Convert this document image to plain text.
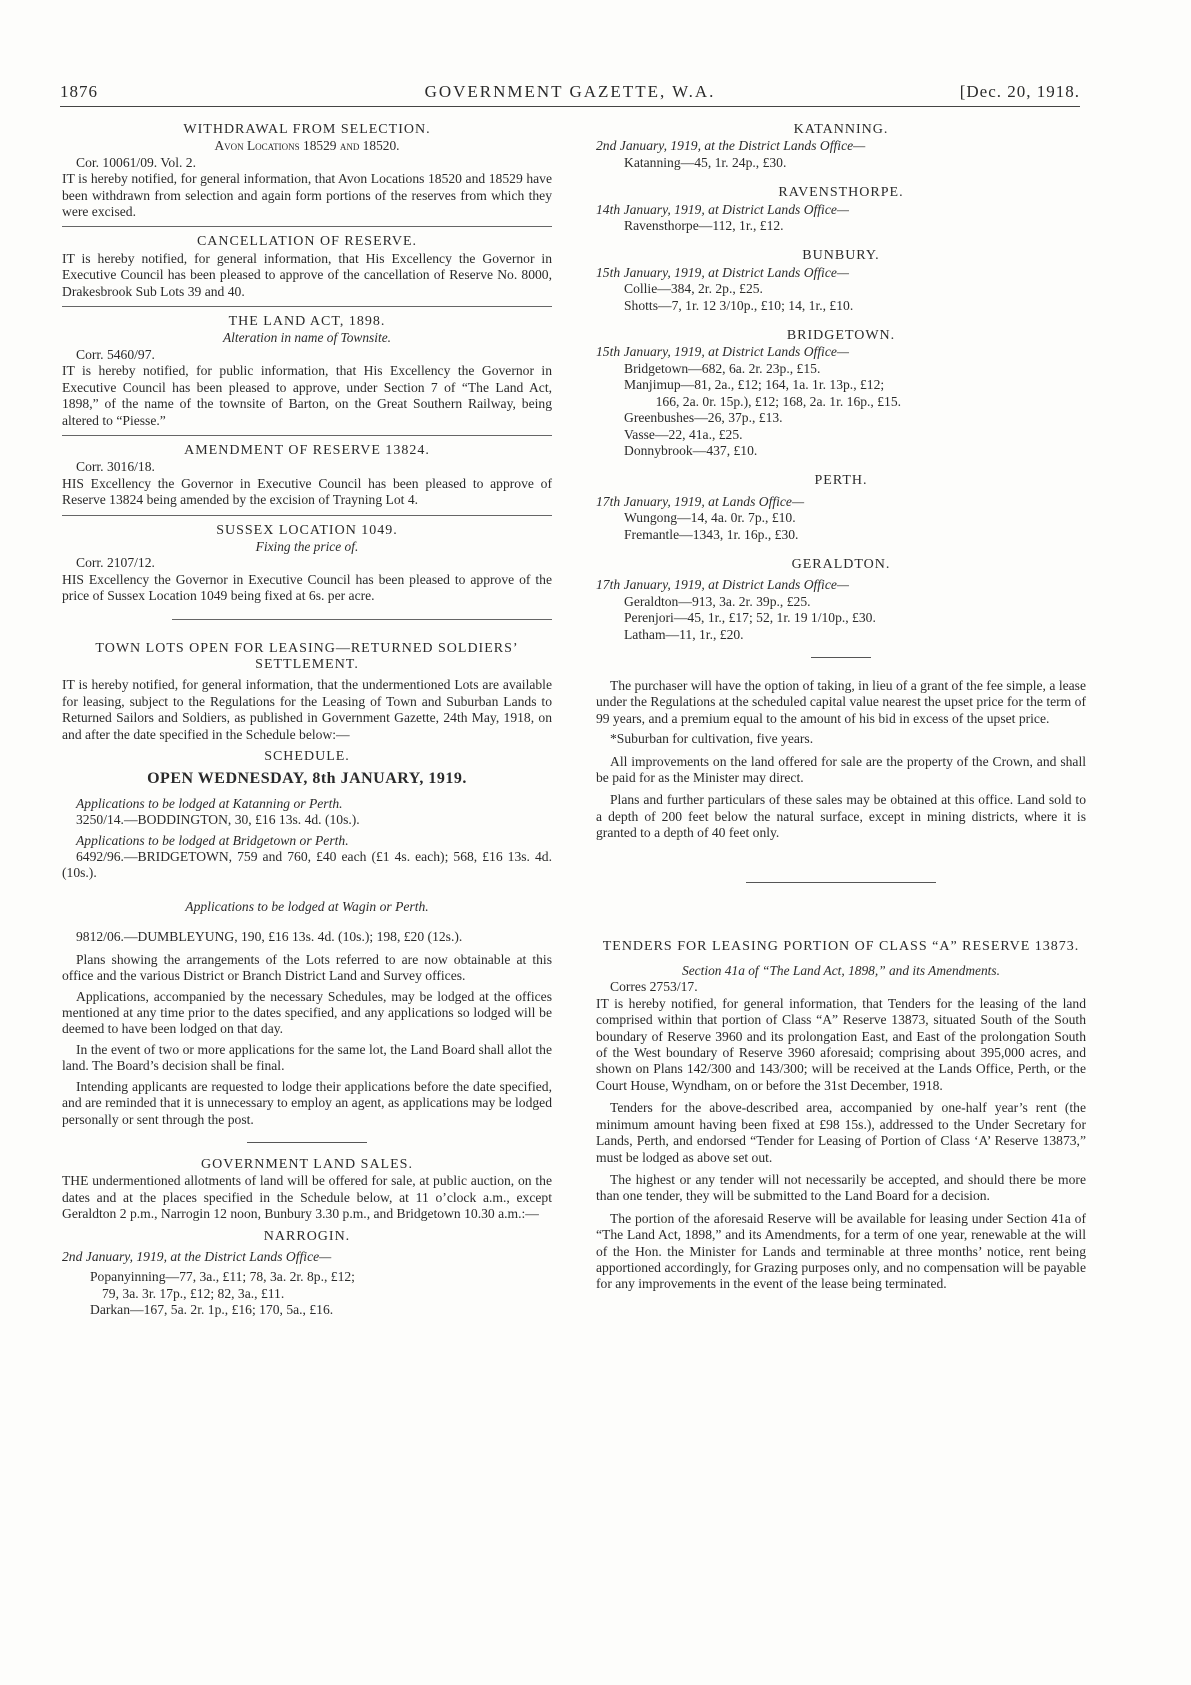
1876	GOVERNMENT GAZETTE, W.A.	[Dec. 20, 1918.

WITHDRAWAL FROM SELECTION.

Avon Locations 18529 and 18520.

Cor. 10061/09. Vol. 2.

IT is hereby notified, for general information, that Avon Locations 18520 and 18529 have been withdrawn from selection and again form portions of the reserves from which they were excised.

CANCELLATION OF RESERVE.

IT is hereby notified, for general information, that His Excellency the Governor in Executive Council has been pleased to approve of the cancellation of Reserve No. 8000, Drakesbrook Sub Lots 39 and 40.

THE LAND ACT, 1898.

Alteration in name of Townsite.

Corr. 5460/97.

IT is hereby notified, for public information, that His Excellency the Governor in Executive Council has been pleased to approve, under Section 7 of “The Land Act, 1898,” of the name of the townsite of Barton, on the Great Southern Railway, being altered to “Piesse.”

AMENDMENT OF RESERVE 13824.

Corr. 3016/18.

HIS Excellency the Governor in Executive Council has been pleased to approve of Reserve 13824 being amended by the excision of Trayning Lot 4.

SUSSEX LOCATION 1049.

Fixing the price of.

Corr. 2107/12.

HIS Excellency the Governor in Executive Council has been pleased to approve of the price of Sussex Location 1049 being fixed at 6s. per acre.

TOWN LOTS OPEN FOR LEASING—RETURNED SOLDIERS’ SETTLEMENT.

IT is hereby notified, for general information, that the undermentioned Lots are available for leasing, subject to the Regulations for the Leasing of Town and Suburban Lands to Returned Sailors and Soldiers, as published in Government Gazette, 24th May, 1918, on and after the date specified in the Schedule below:—

SCHEDULE.

OPEN WEDNESDAY, 8th JANUARY, 1919.

Applications to be lodged at Katanning or Perth.

3250/14.—BODDINGTON, 30, £16 13s. 4d. (10s.).

Applications to be lodged at Bridgetown or Perth.

6492/96.—BRIDGETOWN, 759 and 760, £40 each (£1 4s. each); 568, £16 13s. 4d. (10s.).

Applications to be lodged at Wagin or Perth.

9812/06.—DUMBLEYUNG, 190, £16 13s. 4d. (10s.); 198, £20 (12s.).

Plans showing the arrangements of the Lots referred to are now obtainable at this office and the various District or Branch District Land and Survey offices.

Applications, accompanied by the necessary Schedules, may be lodged at the offices mentioned at any time prior to the dates specified, and any applications so lodged will be deemed to have been lodged on that day.

In the event of two or more applications for the same lot, the Land Board shall allot the land. The Board’s decision shall be final.

Intending applicants are requested to lodge their applications before the date specified, and are reminded that it is unnecessary to employ an agent, as applications may be lodged personally or sent through the post.

GOVERNMENT LAND SALES.

THE undermentioned allotments of land will be offered for sale, at public auction, on the dates and at the places specified in the Schedule below, at 11 o’clock a.m., except Geraldton 2 p.m., Narrogin 12 noon, Bunbury 3.30 p.m., and Bridgetown 10.30 a.m.:—

NARROGIN.

2nd January, 1919, at the District Lands Office—

Popanyinning—77, 3a., £11; 78, 3a. 2r. 8p., £12;

79, 3a. 3r. 17p., £12; 82, 3a., £11.

Darkan—167, 5a. 2r. 1p., £16; 170, 5a., £16.

KATANNING.

2nd January, 1919, at the District Lands Office—

Katanning—45, 1r. 24p., £30.

RAVENSTHORPE.

14th January, 1919, at District Lands Office—

Ravensthorpe—112, 1r., £12.

BUNBURY.

15th January, 1919, at District Lands Office—

Collie—384, 2r. 2p., £25.

Shotts—7, 1r. 12 3/10p., £10; 14, 1r., £10.

BRIDGETOWN.

15th January, 1919, at District Lands Office—

Bridgetown—682, 6a. 2r. 23p., £15.

Manjimup—81, 2a., £12; 164, 1a. 1r. 13p., £12;

 166, 2a. 0r. 15p.), £12; 168, 2a. 1r. 16p., £15.

Greenbushes—26, 37p., £13.

Vasse—22, 41a., £25.

Donnybrook—437, £10.

PERTH.

17th January, 1919, at Lands Office—

Wungong—14, 4a. 0r. 7p., £10.

Fremantle—1343, 1r. 16p., £30.

GERALDTON.

17th January, 1919, at District Lands Office—

Geraldton—913, 3a. 2r. 39p., £25.

Perenjori—45, 1r., £17; 52, 1r. 19 1/10p., £30.

Latham—11, 1r., £20.

The purchaser will have the option of taking, in lieu of a grant of the fee simple, a lease under the Regulations at the scheduled capital value nearest the upset price for the term of 99 years, and a premium equal to the amount of his bid in excess of the upset price.

*Suburban for cultivation, five years.

All improvements on the land offered for sale are the property of the Crown, and shall be paid for as the Minister may direct.

Plans and further particulars of these sales may be obtained at this office. Land sold to a depth of 200 feet below the natural surface, except in mining districts, where it is granted to a depth of 40 feet only.

TENDERS FOR LEASING PORTION OF CLASS “A” RESERVE 13873.

Section 41a of “The Land Act, 1898,” and its Amendments.

Corres 2753/17.

IT is hereby notified, for general information, that Tenders for the leasing of the land comprised within that portion of Class “A” Reserve 13873, situated South of the South boundary of Reserve 3960 and its prolongation East, and East of the prolongation South of the West boundary of Reserve 3960 aforesaid; comprising about 395,000 acres, and shown on Plans 142/300 and 143/300; will be received at the Lands Office, Perth, or the Court House, Wyndham, on or before the 31st December, 1918.

Tenders for the above-described area, accompanied by one-half year’s rent (the minimum amount having been fixed at £98 15s.), addressed to the Under Secretary for Lands, Perth, and endorsed “Tender for Leasing of Portion of Class ‘A’ Reserve 13873,” must be lodged as above set out.

The highest or any tender will not necessarily be accepted, and should there be more than one tender, they will be submitted to the Land Board for a decision.

The portion of the aforesaid Reserve will be available for leasing under Section 41a of “The Land Act, 1898,” and its Amendments, for a term of one year, renewable at the will of the Hon. the Minister for Lands and terminable at three months’ notice, rent being apportioned accordingly, for Grazing purposes only, and no compensation will be payable for any improvements in the event of the lease being terminated.
